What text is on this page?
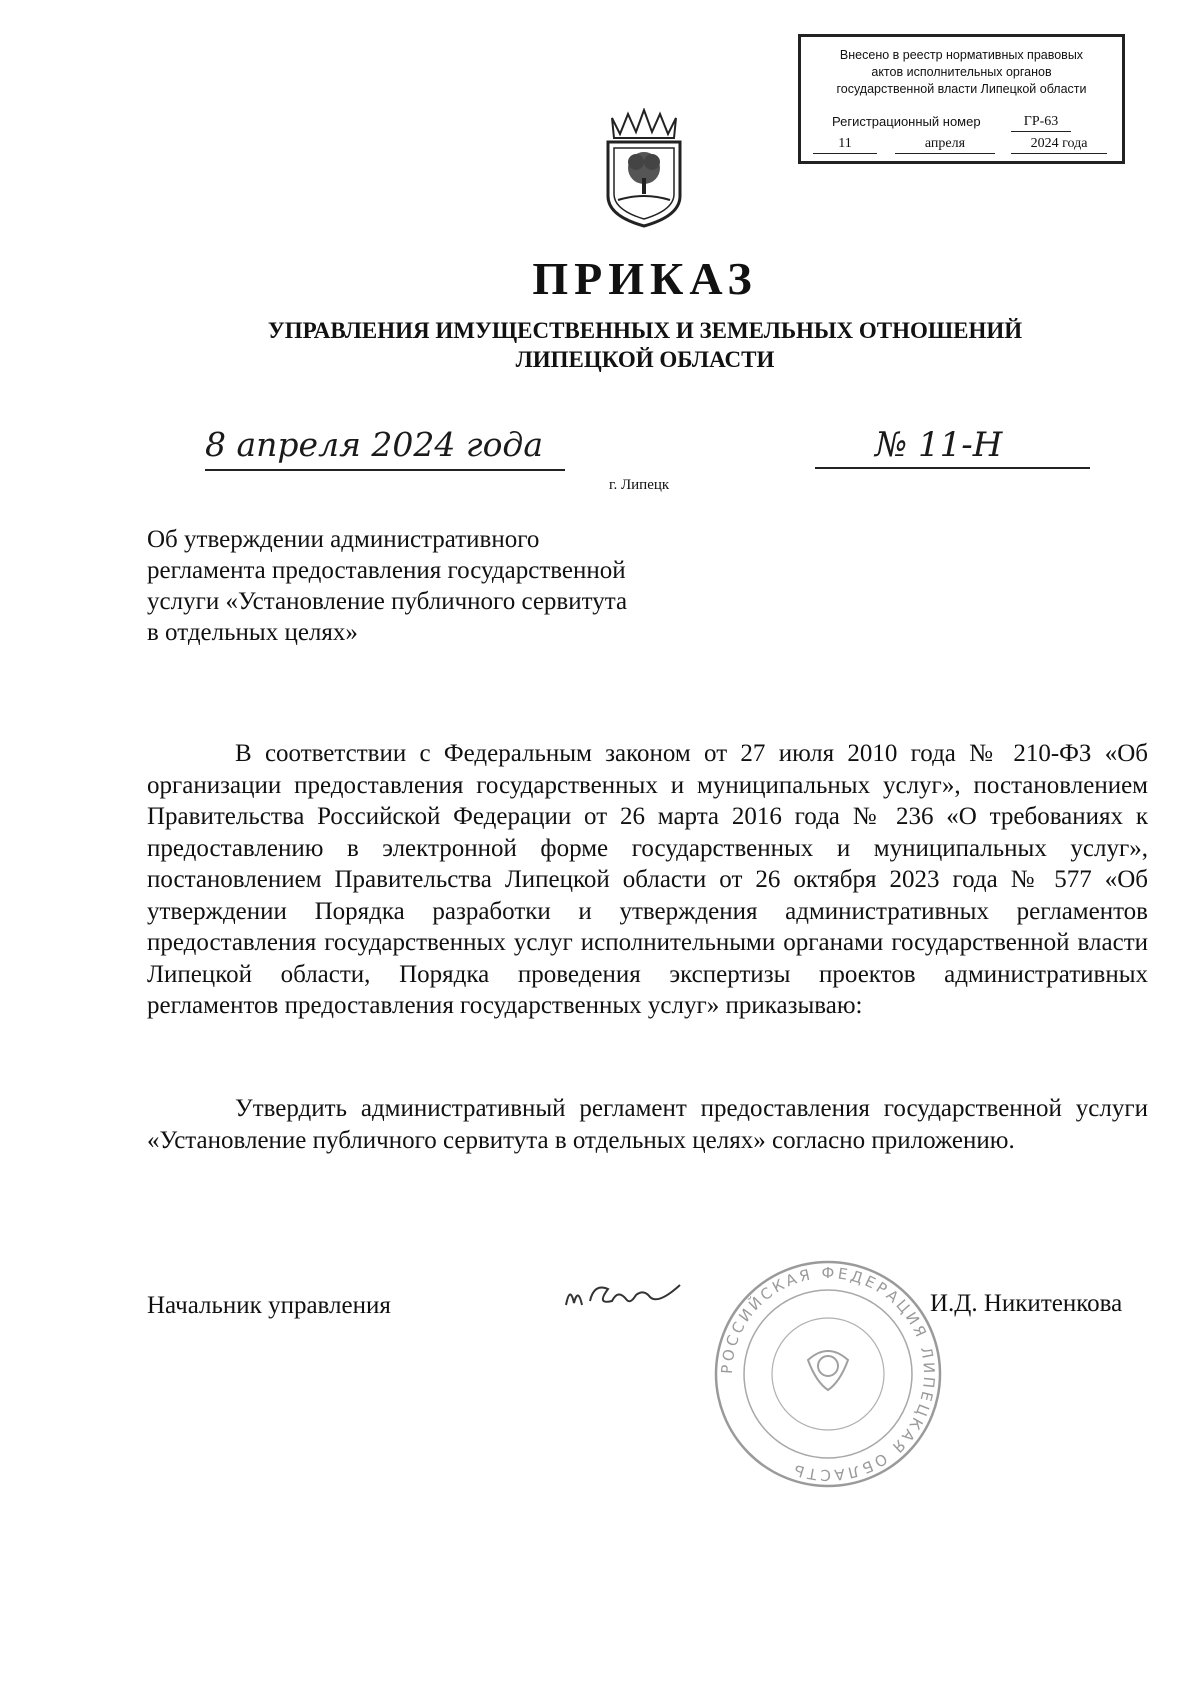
Внесено в реестр нормативных правовых
актов исполнительных органов
государственной власти Липецкой области
Регистрационный номер	ГР-63
11	апреля	2024 года
ПРИКАЗ
УПРАВЛЕНИЯ ИМУЩЕСТВЕННЫХ И ЗЕМЕЛЬНЫХ ОТНОШЕНИЙ
ЛИПЕЦКОЙ ОБЛАСТИ
8 апреля 2024 года	№ 11-Н
г. Липецк
Об утверждении административного
регламента предоставления государственной
услуги «Установление публичного сервитута
в отдельных целях»

В соответствии с Федеральным законом от 27 июля 2010 года № 210-ФЗ «Об организации предоставления государственных и муниципальных услуг», постановлением Правительства Российской Федерации от 26 марта 2016 года № 236 «О требованиях к предоставлению в электронной форме государственных и муниципальных услуг», постановлением Правительства Липецкой области от 26 октября 2023 года № 577 «Об утверждении Порядка разработки и утверждения административных регламентов предоставления государственных услуг исполнительными органами государственной власти Липецкой области, Порядка проведения экспертизы проектов административных регламентов предоставления государственных услуг» приказываю:

Утвердить административный регламент предоставления государственной услуги «Установление публичного сервитута в отдельных целях» согласно приложению.

Начальник управления
РОССИЙСКАЯ ФЕДЕРАЦИЯ ЛИПЕЦКАЯ ОБЛАСТЬ
И.Д. Никитенкова
